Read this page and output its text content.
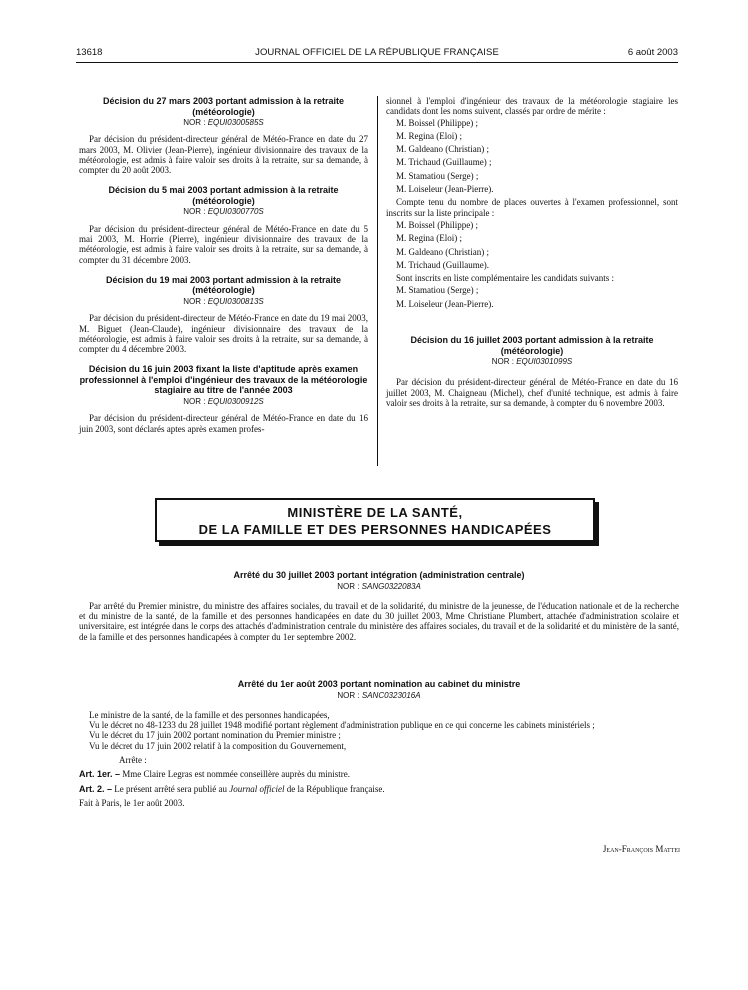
13618	JOURNAL OFFICIEL DE LA RÉPUBLIQUE FRANÇAISE	6 août 2003

Décision du 27 mars 2003 portant admission à la retraite (météorologie)

NOR : EQUI0300585S

Par décision du président-directeur général de Météo-France en date du 27 mars 2003, M. Olivier (Jean-Pierre), ingénieur divisionnaire des travaux de la météorologie, est admis à faire valoir ses droits à la retraite, sur sa demande, à compter du 20 août 2003.

Décision du 5 mai 2003 portant admission à la retraite (météorologie)

NOR : EQUI0300770S

Par décision du président-directeur général de Météo-France en date du 5 mai 2003, M. Horrie (Pierre), ingénieur divisionnaire des travaux de la météorologie, est admis à faire valoir ses droits à la retraite, sur sa demande, à compter du 31 décembre 2003.

Décision du 19 mai 2003 portant admission à la retraite (météorologie)

NOR : EQUI0300813S

Par décision du président-directeur de Météo-France en date du 19 mai 2003, M. Biguet (Jean-Claude), ingénieur divisionnaire des travaux de la météorologie, est admis à faire valoir ses droits à la retraite, sur sa demande, à compter du 4 décembre 2003.

Décision du 16 juin 2003 fixant la liste d'aptitude après examen professionnel à l'emploi d'ingénieur des travaux de la météorologie stagiaire au titre de l'année 2003

NOR : EQUI0300912S

Par décision du président-directeur général de Météo-France en date du 16 juin 2003, sont déclarés aptes après examen profes-

sionnel à l'emploi d'ingénieur des travaux de la météorologie stagiaire les candidats dont les noms suivent, classés par ordre de mérite :

M. Boissel (Philippe) ;
M. Regina (Eloi) ;
M. Galdeano (Christian) ;
M. Trichaud (Guillaume) ;
M. Stamatiou (Serge) ;
M. Loiseleur (Jean-Pierre).

Compte tenu du nombre de places ouvertes à l'examen professionnel, sont inscrits sur la liste principale :

M. Boissel (Philippe) ;
M. Regina (Eloi) ;
M. Galdeano (Christian) ;
M. Trichaud (Guillaume).

Sont inscrits en liste complémentaire les candidats suivants :

M. Stamatiou (Serge) ;
M. Loiseleur (Jean-Pierre).

Décision du 16 juillet 2003 portant admission à la retraite (météorologie)

NOR : EQUI0301099S

Par décision du président-directeur général de Météo-France en date du 16 juillet 2003, M. Chaigneau (Michel), chef d'unité technique, est admis à faire valoir ses droits à la retraite, sur sa demande, à compter du 6 novembre 2003.

MINISTÈRE DE LA SANTÉ,
DE LA FAMILLE ET DES PERSONNES HANDICAPÉES

Arrêté du 30 juillet 2003 portant intégration (administration centrale)

NOR : SANG0322083A

Par arrêté du Premier ministre, du ministre des affaires sociales, du travail et de la solidarité, du ministre de la jeunesse, de l'éducation nationale et de la recherche et du ministre de la santé, de la famille et des personnes handicapées en date du 30 juillet 2003, Mme Christiane Plumbert, attachée d'administration scolaire et universitaire, est intégrée dans le corps des attachés d'administration centrale du ministère des affaires sociales, du travail et de la solidarité et du ministère de la santé, de la famille et des personnes handicapées à compter du 1er septembre 2002.

Arrêté du 1er août 2003 portant nomination au cabinet du ministre

NOR : SANC0323016A

Le ministre de la santé, de la famille et des personnes handicapées,

Vu le décret no 48-1233 du 28 juillet 1948 modifié portant règlement d'administration publique en ce qui concerne les cabinets ministériels ;

Vu le décret du 17 juin 2002 portant nomination du Premier ministre ;

Vu le décret du 17 juin 2002 relatif à la composition du Gouvernement,

Arrête :

Art. 1er. – Mme Claire Legras est nommée conseillère auprès du ministre.

Art. 2. – Le présent arrêté sera publié au Journal officiel de la République française.

Fait à Paris, le 1er août 2003.

Jean-François Mattei
